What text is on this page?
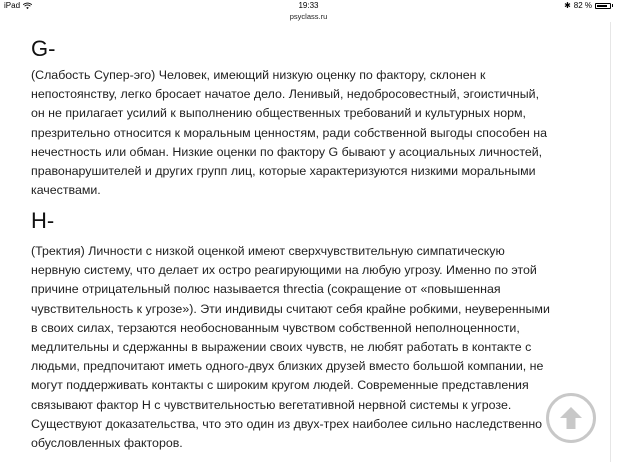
iPad	19:33	✱ 82 %
psyclass.ru
G-

(Слабость Супер-эго) Человек, имеющий низкую оценку по фактору, склонен к
непостоянству, легко бросает начатое дело. Ленивый, недобросовестный, эгоистичный,
он не прилагает усилий к выполнению общественных требований и культурных норм,
презрительно относится к моральным ценностям, ради собственной выгоды способен на
нечестность или обман. Низкие оценки по фактору G бывают у асоциальных личностей,
правонарушителей и других групп лиц, которые характеризуются низкими моральными
качествами.

H-

(Тректия) Личности с низкой оценкой имеют сверхчувствительную симпатическую
нервную систему, что делает их остро реагирующими на любую угрозу. Именно по этой
причине отрицательный полюс называется threctia (сокращение от «повышенная
чувствительность к угрозе»). Эти индивиды считают себя крайне робкими, неуверенными
в своих силах, терзаются необоснованным чувством собственной неполноценности,
медлительны и сдержанны в выражении своих чувств, не любят работать в контакте с
людьми, предпочитают иметь одного-двух близких друзей вместо большой компании, не
могут поддерживать контакты с широким кругом людей. Современные представления
связывают фактор H с чувствительностью вегетативной нервной системы к угрозе.
Существуют доказательства, что это один из двух-трех наиболее сильно наследственно
обусловленных факторов.
